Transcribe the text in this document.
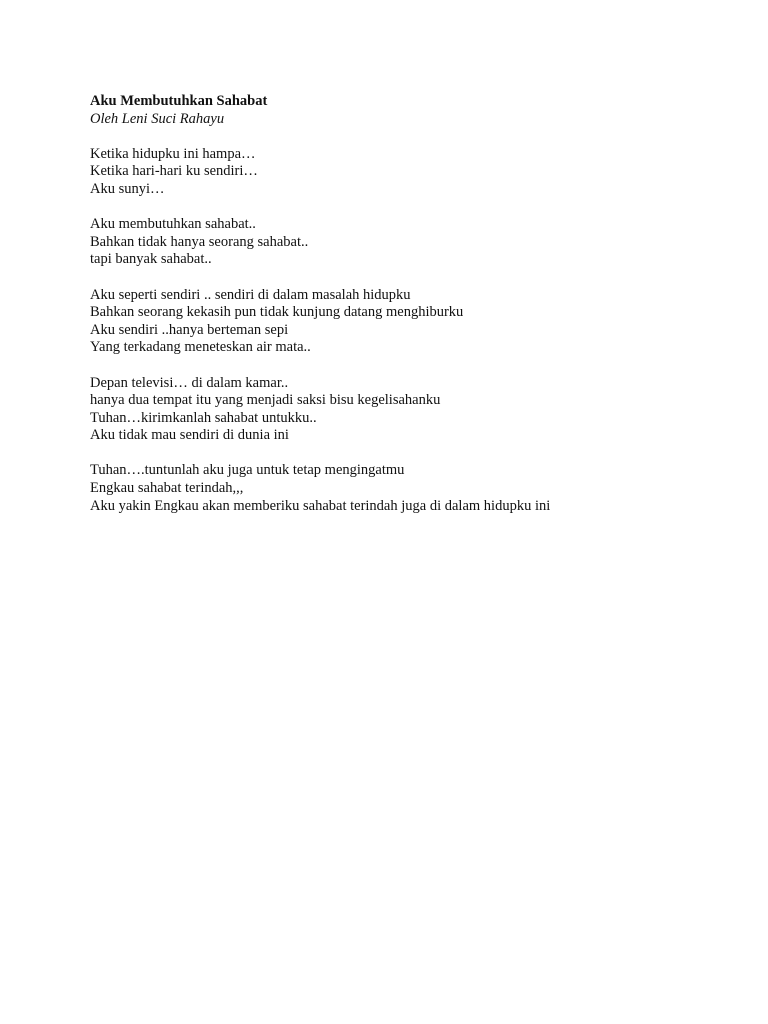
Aku Membutuhkan Sahabat

Oleh Leni Suci Rahayu

Ketika hidupku ini hampa…
Ketika hari-hari ku sendiri…
Aku sunyi…
Aku membutuhkan sahabat..
Bahkan tidak hanya seorang sahabat..
tapi banyak sahabat..
Aku seperti sendiri .. sendiri di dalam masalah hidupku
Bahkan seorang kekasih pun tidak kunjung datang menghiburku
Aku sendiri ..hanya berteman sepi
Yang terkadang meneteskan air mata..
Depan televisi… di dalam kamar..
hanya dua tempat itu yang menjadi saksi bisu kegelisahanku
Tuhan…kirimkanlah sahabat untukku..
Aku tidak mau sendiri di dunia ini
Tuhan….tuntunlah aku juga untuk tetap mengingatmu
Engkau sahabat terindah,,,
Aku yakin Engkau akan memberiku sahabat terindah juga di dalam hidupku ini
